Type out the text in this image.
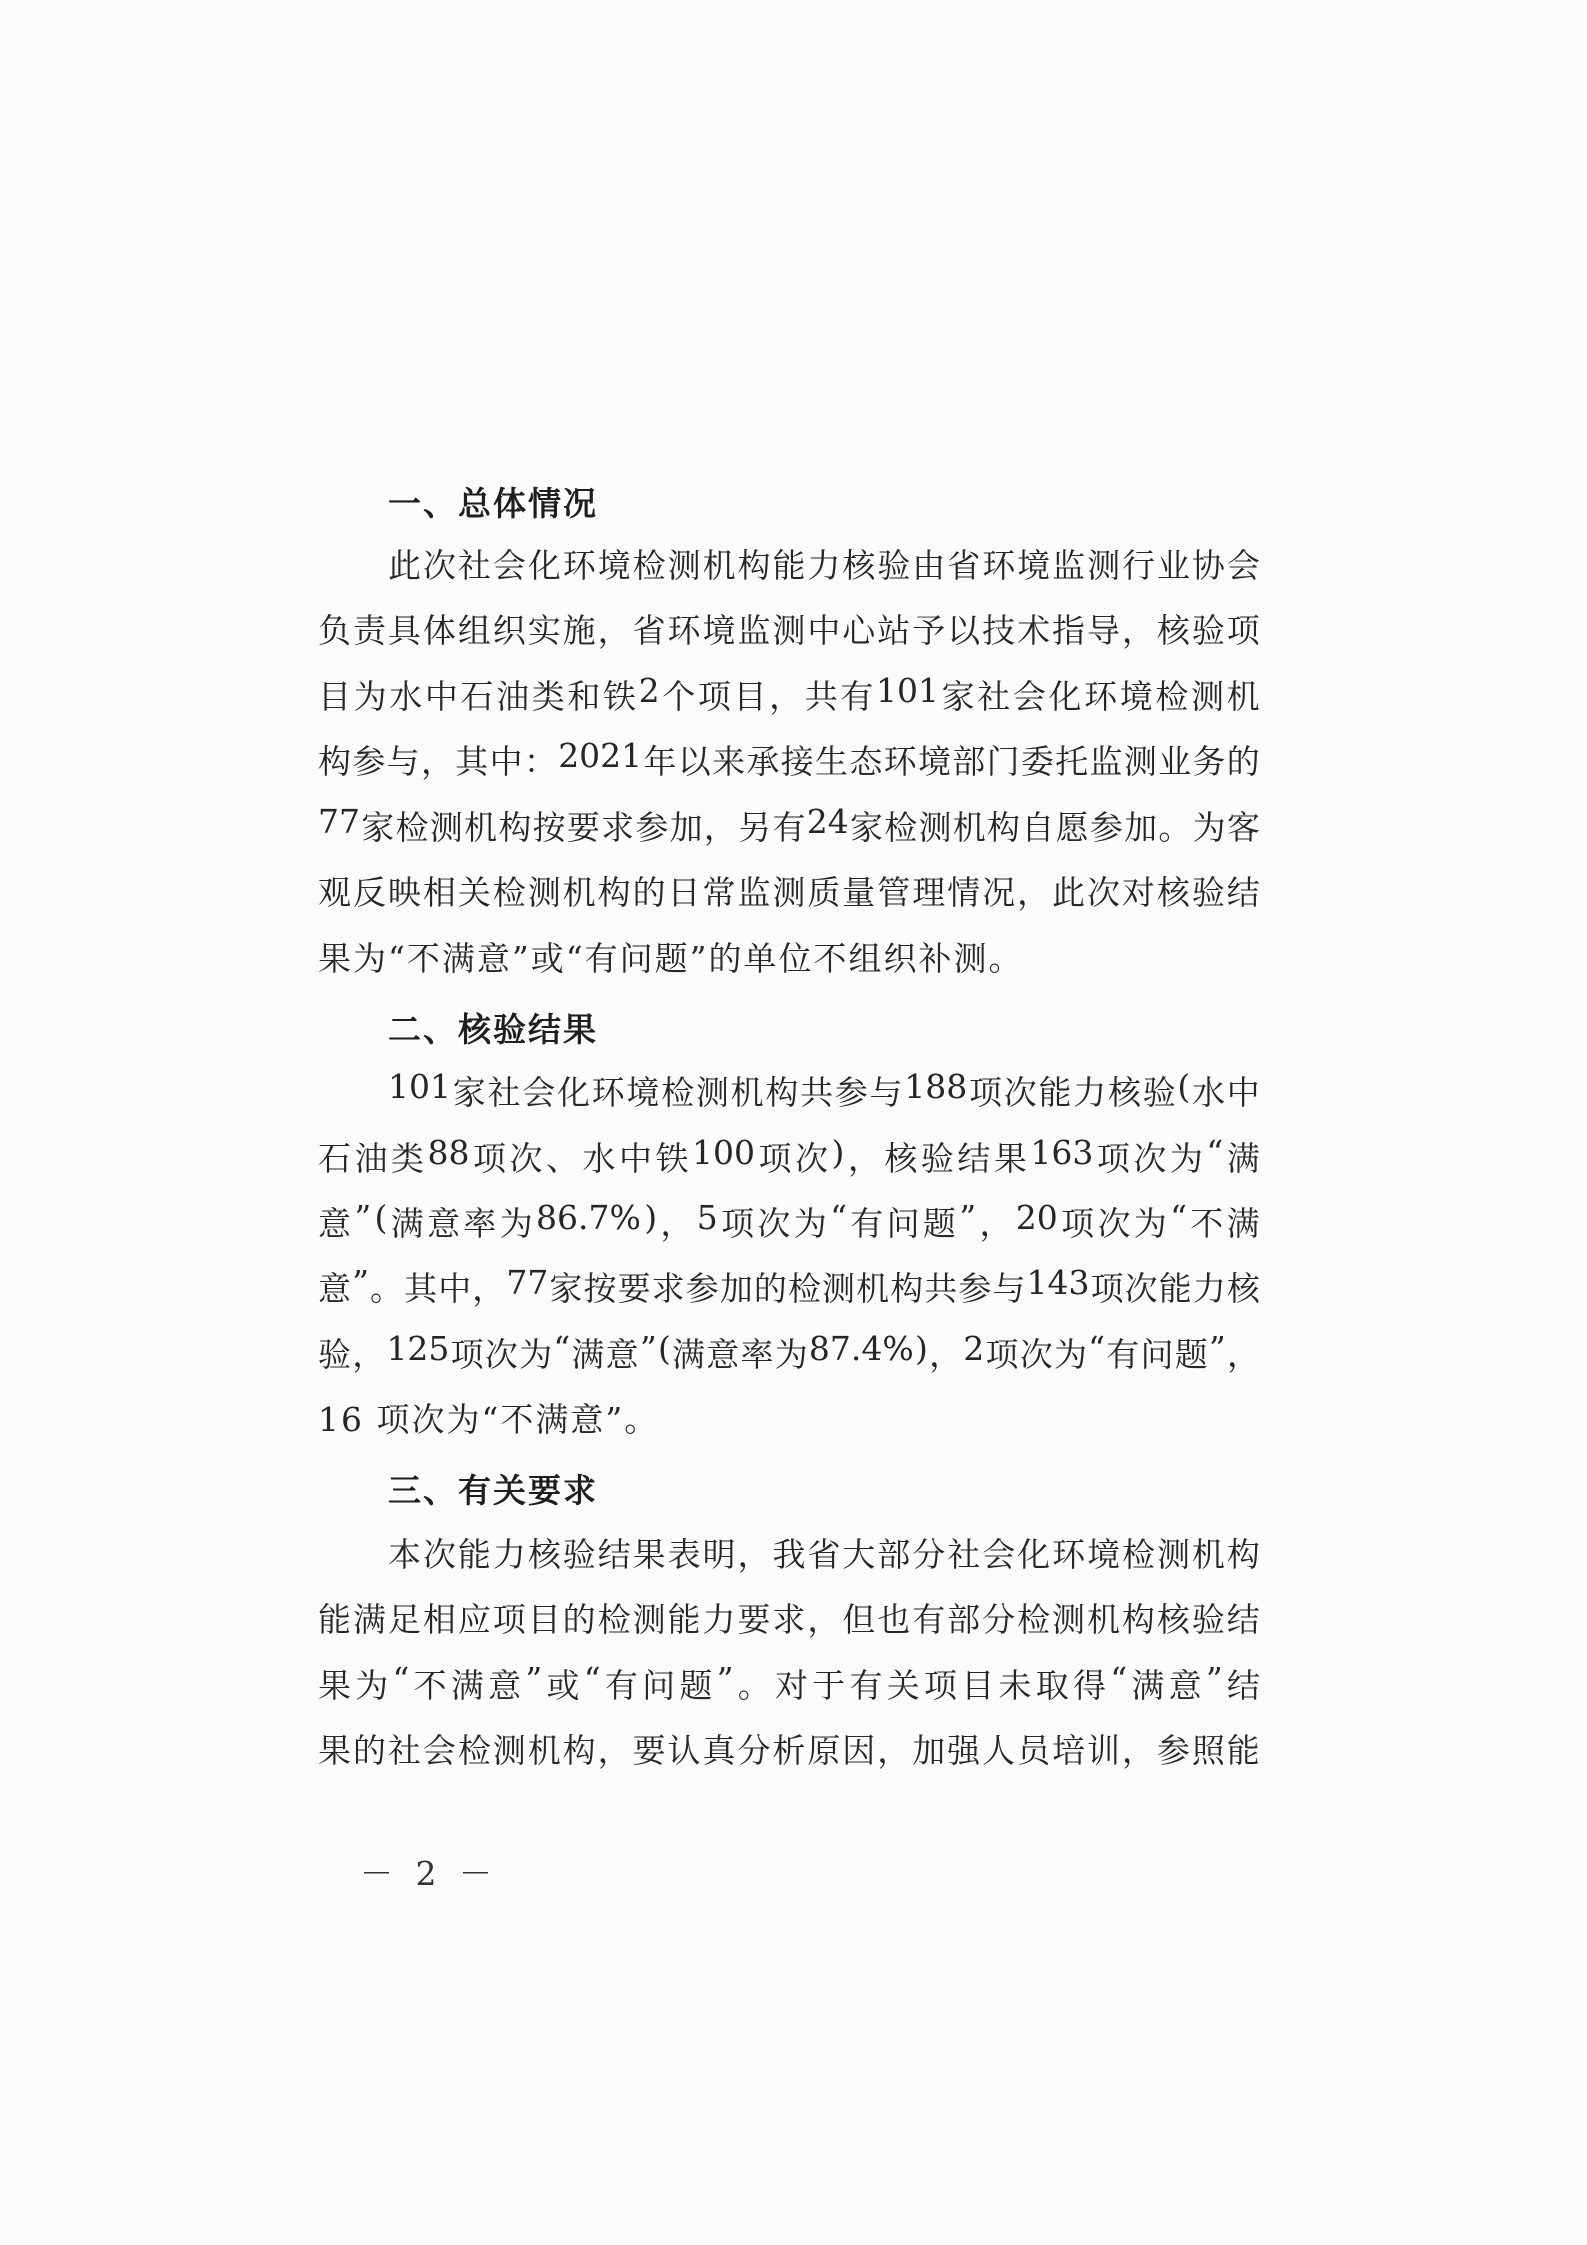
一、总体情况
此 次 社 会 化 环 境 检 测 机 构 能 力 核 验 由 省 环 境 监 测 行 业 协 会
负 责 具 体 组 织 实 施 ， 省 环 境 监 测 中 心 站 予 以 技 术 指 导 ， 核 验 项
目 为 水 中 石 油 类 和 铁 2 个 项 目 ， 共 有 101 家 社 会 化 环 境 检 测 机
构 参 与 ， 其 中 ： 2021 年 以 来 承 接 生 态 环 境 部 门 委 托 监 测 业 务 的
77 家 检 测 机 构 按 要 求 参 加 ， 另 有 24 家 检 测 机 构 自 愿 参 加 。 为 客
观 反 映 相 关 检 测 机 构 的 日 常 监 测 质 量 管 理 情 况 ， 此 次 对 核 验 结
果为“不满意”或“有问题”的单位不组织补测。
二、核验结果
101 家 社 会 化 环 境 检 测 机 构 共 参 与 188 项 次 能 力 核 验 ( 水 中
石 油 类 88 项 次 、 水 中 铁 100 项 次 ) ， 核 验 结 果 163 项 次 为 “ 满
意 ” ( 满 意 率 为 86.7% ) ， 5 项 次 为 “ 有 问 题 ” ， 20 项 次 为 “ 不 满
意 ” 。 其 中 ， 77 家 按 要 求 参 加 的 检 测 机 构 共 参 与 143 项 次 能 力 核
验 ， 125 项 次 为 “ 满 意 ” ( 满 意 率 为 87.4% ) ， 2 项 次 为 “ 有 问 题 ” ，
16 项次为“不满意”。
三、有关要求
本 次 能 力 核 验 结 果 表 明 ， 我 省 大 部 分 社 会 化 环 境 检 测 机 构
能 满 足 相 应 项 目 的 检 测 能 力 要 求 ， 但 也 有 部 分 检 测 机 构 核 验 结
果 为 “ 不 满 意 ” 或 “ 有 问 题 ” 。 对 于 有 关 项 目 未 取 得 “ 满 意 ” 结
果 的 社 会 检 测 机 构 ， 要 认 真 分 析 原 因 ， 加 强 人 员 培 训 ， 参 照 能
－ 2 －
